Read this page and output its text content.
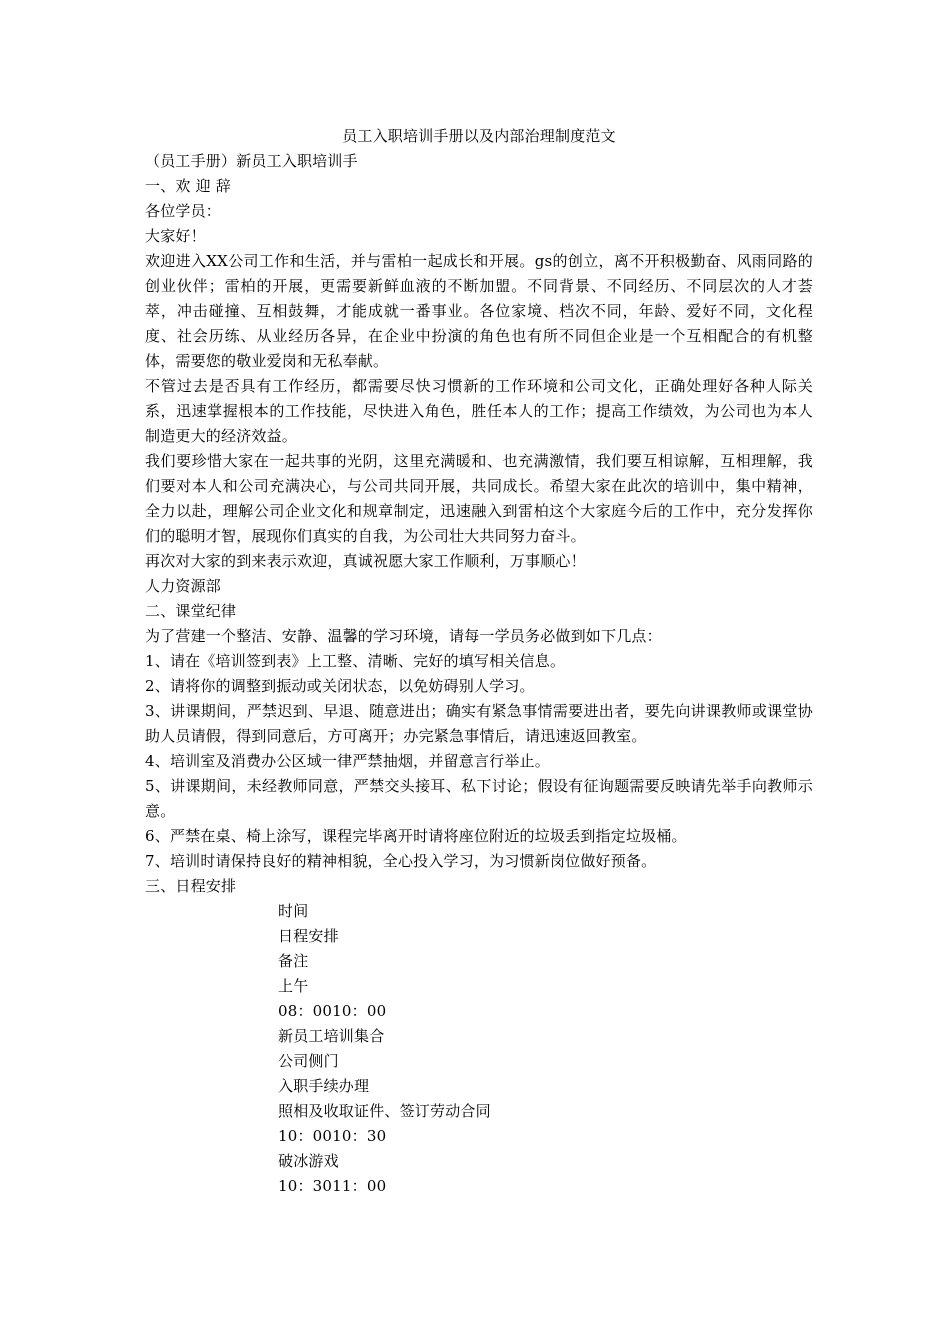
员工入职培训手册以及内部治理制度范文
（员工手册）新员工入职培训手
一、欢 迎 辞
各位学员：
大家好！
欢迎进入XX公司工作和生活，并与雷柏一起成长和开展。gs的创立，离不开积极勤奋、风雨同路的创业伙伴；雷柏的开展，更需要新鲜血液的不断加盟。不同背景、不同经历、不同层次的人才荟萃，冲击碰撞、互相鼓舞，才能成就一番事业。各位家境、档次不同，年龄、爱好不同，文化程度、社会历练、从业经历各异，在企业中扮演的角色也有所不同但企业是一个互相配合的有机整体，需要您的敬业爱岗和无私奉献。
不管过去是否具有工作经历，都需要尽快习惯新的工作环境和公司文化，正确处理好各种人际关系，迅速掌握根本的工作技能，尽快进入角色，胜任本人的工作；提高工作绩效，为公司也为本人制造更大的经济效益。
我们要珍惜大家在一起共事的光阴，这里充满暖和、也充满激情，我们要互相谅解，互相理解，我们要对本人和公司充满决心，与公司共同开展，共同成长。希望大家在此次的培训中，集中精神，全力以赴，理解公司企业文化和规章制定，迅速融入到雷柏这个大家庭今后的工作中，充分发挥你们的聪明才智，展现你们真实的自我，为公司壮大共同努力奋斗。
再次对大家的到来表示欢迎，真诚祝愿大家工作顺利，万事顺心！
人力资源部
二、课堂纪律
为了营建一个整洁、安静、温馨的学习环境，请每一学员务必做到如下几点：
1、请在《培训签到表》上工整、清晰、完好的填写相关信息。
2、请将你的调整到振动或关闭状态，以免妨碍别人学习。
3、讲课期间，严禁迟到、早退、随意进出；确实有紧急事情需要进出者，要先向讲课教师或课堂协助人员请假，得到同意后，方可离开；办完紧急事情后，请迅速返回教室。
4、培训室及消费办公区域一律严禁抽烟，并留意言行举止。
5、讲课期间，未经教师同意，严禁交头接耳、私下讨论；假设有征询题需要反映请先举手向教师示意。
6、严禁在桌、椅上涂写，课程完毕离开时请将座位附近的垃圾丢到指定垃圾桶。
7、培训时请保持良好的精神相貌，全心投入学习，为习惯新岗位做好预备。
三、日程安排
时间
日程安排
备注
上午
08：0010：00
新员工培训集合
公司侧门
入职手续办理
照相及收取证件、签订劳动合同
10：0010：30
破冰游戏
10：3011：00
